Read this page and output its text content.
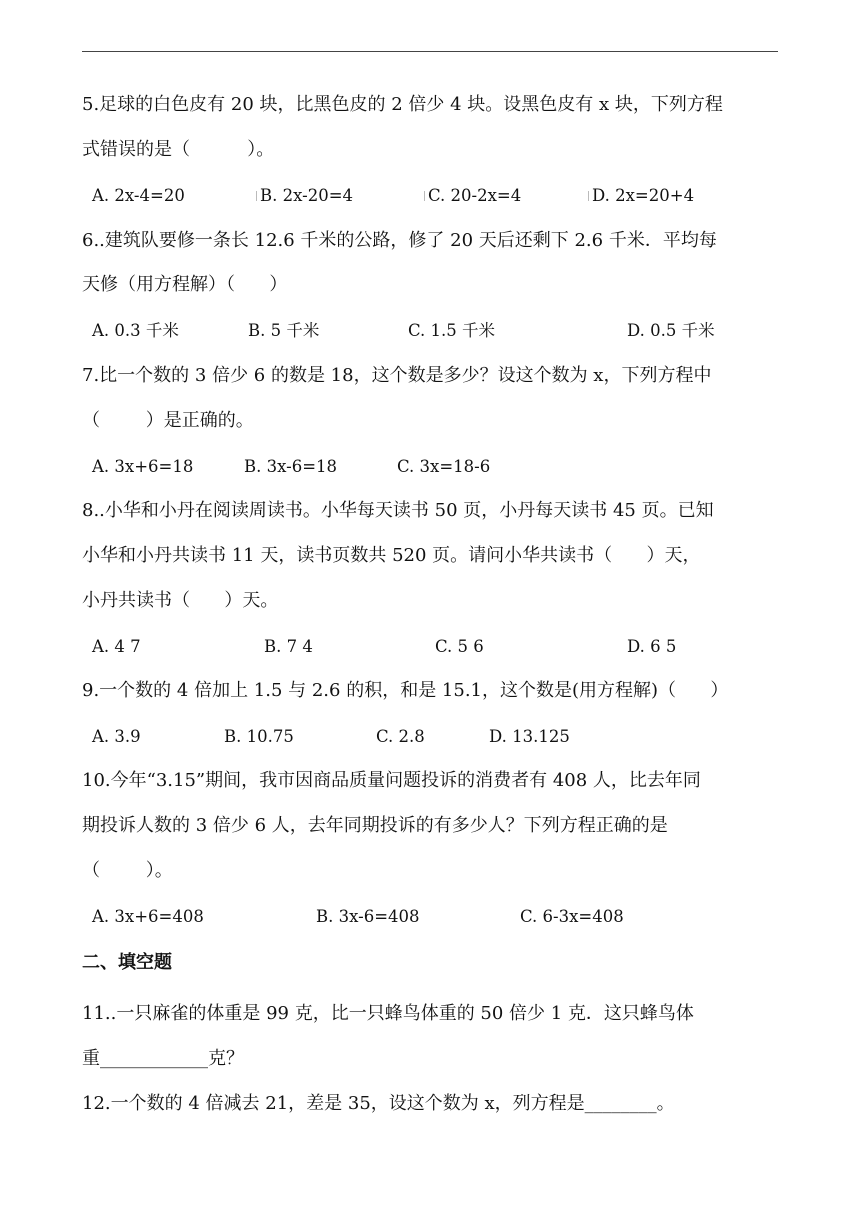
5.足球的白色皮有 20 块，比黑色皮的 2 倍少 4 块。设黑色皮有 x 块，下列方程
式错误的是（          ）。
A. 2x-4=20	B. 2x-20=4	C. 20-2x=4	D. 2x=20+4
6..建筑队要修一条长 12.6 千米的公路，修了 20 天后还剩下 2.6 千米．平均每
天修（用方程解）（      ）
A. 0.3 千米	B. 5 千米	C. 1.5 千米	D. 0.5 千米
7.比一个数的 3 倍少 6 的数是 18，这个数是多少？设这个数为 x，下列方程中
（        ）是正确的。
A. 3x+6=18	B. 3x-6=18	C. 3x=18-6
8..小华和小丹在阅读周读书。小华每天读书 50 页，小丹每天读书 45 页。已知
小华和小丹共读书 11 天，读书页数共 520 页。请问小华共读书（      ）天，
小丹共读书（      ）天。
A. 4 7	B. 7 4	C. 5 6	D. 6 5
9.一个数的 4 倍加上 1.5 与 2.6 的积，和是 15.1，这个数是(用方程解)（      ）
A. 3.9	B. 10.75	C. 2.8	D. 13.125
10.今年“3.15”期间，我市因商品质量问题投诉的消费者有 408 人，比去年同
期投诉人数的 3 倍少 6 人，去年同期投诉的有多少人？下列方程正确的是
（        ）。
A. 3x+6=408	B. 3x-6=408	C. 6-3x=408
二、填空题
11..一只麻雀的体重是 99 克，比一只蜂鸟体重的 50 倍少 1 克．这只蜂鸟体
重____________克？
12.一个数的 4 倍减去 21，差是 35，设这个数为 x，列方程是________。
